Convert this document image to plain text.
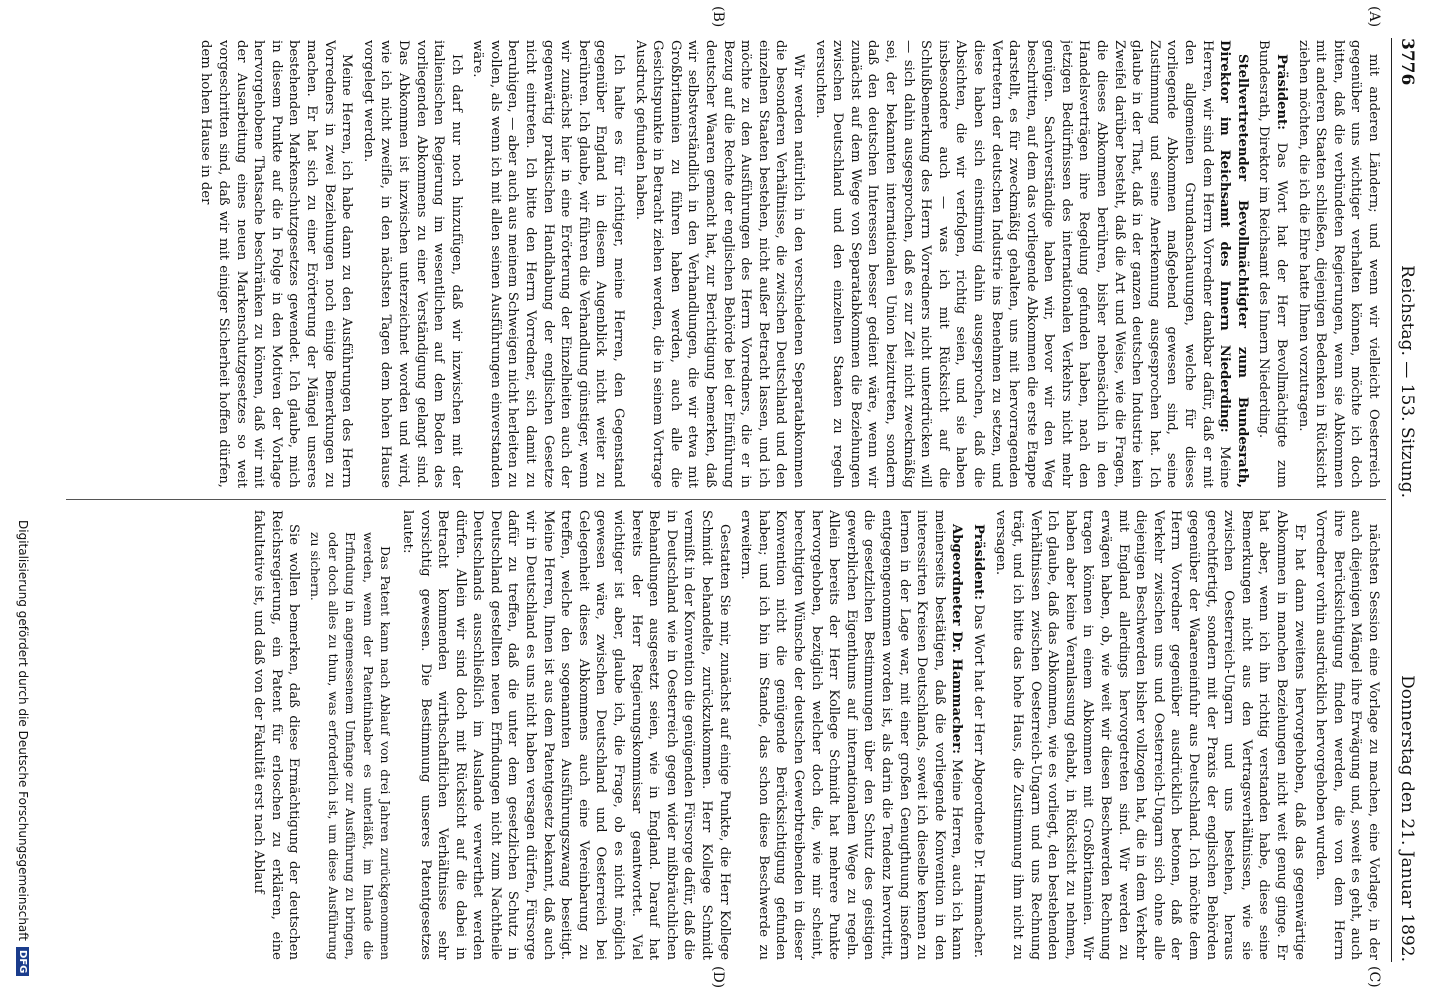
3776
Reichstag. — 153. Sitzung.
Donnerstag den 21. Januar 1892.
(A)
(B)
(C)
(D)

mit anderen Ländern; und wenn wir vielleicht Oesterreich gegenüber uns wichtiger verhalten können, möchte ich doch bitten, daß die verbündeten Regierungen, wenn sie Abkommen mit anderen Staaten schließen, diejenigen Bedenken in Rücksicht ziehen möchten, die ich die Ehre hatte Ihnen vorzutragen.

Präsident: Das Wort hat der Herr Bevollmächtigte zum Bundesrath, Direktor im Reichsamt des Innern Niederding.

Stellvertretender Bevollmächtigter zum Bundesrath, Direktor im Reichsamt des Innern Niederding: Meine Herren, wir sind dem Herrn Vorredner dankbar dafür, daß er mit den allgemeinen Grundanschauungen, welche für dieses vorliegende Abkommen maßgebend gewesen sind, seine Zustimmung und seine Anerkennung ausgesprochen hat. Ich glaube in der That, daß in der ganzen deutschen Industrie kein Zweifel darüber besteht, daß die Art und Weise, wie die Fragen, die dieses Abkommen berühren, bisher nebensächlich in den Handelsverträgen ihre Regelung gefunden haben, nach den jetzigen Bedürfnissen des internationalen Verkehrs nicht mehr genügen. Sachverständige haben wir, bevor wir den Weg beschritten, auf dem das vorliegende Abkommen die erste Etappe darstellt, es für zweckmäßig gehalten, uns mit hervorragenden Vertretern der deutschen Industrie ins Benehmen zu setzen, und diese haben sich einstimmig dahin ausgesprochen, daß die Absichten, die wir verfolgen, richtig seien, und sie haben insbesondere auch — was ich mit Rücksicht auf die Schlußbemerkung des Herrn Vorredners nicht unterdrücken will — sich dahin ausgesprochen, daß es zur Zeit nicht zweckmäßig sei, der bekannten internationalen Union beizutreten, sondern daß den deutschen Interessen besser gedient wäre, wenn wir zunächst auf dem Wege von Separatabkommen die Beziehungen zwischen Deutschland und den einzelnen Staaten zu regeln versuchten.

Wir werden natürlich in den verschiedenen Separatabkommen die besonderen Verhältnisse, die zwischen Deutschland und den einzelnen Staaten bestehen, nicht außer Betracht lassen, und ich möchte zu den Ausführungen des Herrn Vorredners, die er in Bezug auf die Rechte der englischen Behörde bei der Einführung deutscher Waaren gemacht hat, zur Berichtigung bemerken, daß wir selbstverständlich in den Verhandlungen, die wir etwa mit Großbritannien zu führen haben werden, auch alle die Gesichtspunkte in Betracht ziehen werden, die in seinem Vortrage Ausdruck gefunden haben.

Ich halte es für richtiger, meine Herren, den Gegenstand gegenüber England in diesem Augenblick nicht weiter zu berühren. Ich glaube, wir führen die Verhandlung günstiger, wenn wir zunächst hier in eine Erörterung der Einzelheiten auch der gegenwärtig praktischen Handhabung der englischen Gesetze nicht eintreten. Ich bitte den Herrn Vorredner, sich damit zu beruhigen, — aber auch aus meinem Schweigen nicht herleiten zu wollen, als wenn ich mit allen seinen Ausführungen einverstanden wäre.

Ich darf nur noch hinzufügen, daß wir inzwischen mit der italienischen Regierung im wesentlichen auf dem Boden des vorliegenden Abkommens zu einer Verständigung gelangt sind. Das Abkommen ist inzwischen unterzeichnet worden und wird, wie ich nicht zweifle, in den nächsten Tagen dem hohen Hause vorgelegt werden.

Meine Herren, ich habe dann zu den Ausführungen des Herrn Vorredners in zwei Beziehungen noch einige Bemerkungen zu machen. Er hat sich zu einer Erörterung der Mängel unseres bestehenden Markenschutzgesetzes gewendet. Ich glaube, mich in diesem Punkte auf die In Folge in den Motiven der Vorlage hervorgehobene Thatsache beschränken zu können, daß wir mit der Ausarbeitung eines neuen Markenschutzgesetzes so weit vorgeschritten sind, daß wir mit einiger Sicherheit hoffen dürfen, dem hohen Hause in der

nächsten Session eine Vorlage zu machen, eine Vorlage, in der auch diejenigen Mängel ihre Erwägung und, soweit es geht, auch ihre Berücksichtigung finden werden, die von dem Herrn Vorredner vorhin ausdrücklich hervorgehoben wurden.

Er hat dann zweitens hervorgehoben, daß das gegenwärtige Abkommen in manchen Beziehungen nicht weit genug ginge. Er hat aber, wenn ich ihn richtig verstanden habe, diese seine Bemerkungen nicht aus den Vertragsverhältnissen, wie sie zwischen Oesterreich-Ungarn und uns bestehen, heraus gerechtfertigt, sondern mit der Praxis der englischen Behörden gegenüber der Waareneinfuhr aus Deutschland. Ich möchte dem Herrn Vorredner gegenüber ausdrücklich betonen, daß der Verkehr zwischen uns und Oesterreich-Ungarn sich ohne alle diejenigen Beschwerden bisher vollzogen hat, die in dem Verkehr mit England allerdings hervorgetreten sind. Wir werden zu erwägen haben, ob, wie weit wir diesen Beschwerden Rechnung tragen können in einem Abkommen mit Großbritannien. Wir haben aber keine Veranlassung gehabt, in Rücksicht zu nehmen, Ich glaube, daß das Abkommen, wie es vorliegt, den bestehenden Verhältnissen zwischen Oesterreich-Ungarn und uns Rechnung trägt, und ich bitte das hohe Haus, die Zustimmung ihm nicht zu versagen.

Präsident: Das Wort hat der Herr Abgeordnete Dr. Hammacher.

Abgeordneter Dr. Hammacher: Meine Herren, auch ich kann meinerseits bestätigen, daß die vorliegende Konvention in den interessirten Kreisen Deutschlands, soweit ich dieselbe kennen zu lernen in der Lage war, mit einer großen Genugthuung insofern entgegengenommen worden ist, als darin die Tendenz hervortritt, die gesetzlichen Bestimmungen über den Schutz des geistigen gewerblichen Eigenthums auf internationalem Wege zu regeln. Allein bereits der Herr Kollege Schmidt hat mehrere Punkte hervorgehoben, bezüglich welcher doch die, wie mir scheint, berechtigten Wünsche der deutschen Gewerbtreibenden in dieser Konvention nicht die genügende Berücksichtigung gefunden haben; und ich bin im Stande, das schon diese Beschwerde zu erweitern.

Gestatten Sie mir, zunächst auf einige Punkte, die Herr Kollege Schmidt behandelte, zurückzukommen. Herr Kollege Schmidt vermißt in der Konvention die genügenden Fürsorge dafür, daß die in Deutschland wie in Oesterreich gegen wider mißbräuchlichen Behandlungen ausgesetzt seien, wie in England. Darauf hat bereits der Herr Regierungskommissar geantwortet. Viel wichtiger ist aber, glaube ich, die Frage, ob es nicht möglich gewesen wäre, zwischen Deutschland und Oesterreich bei Gelegenheit dieses Abkommens auch eine Vereinbarung zu treffen, welche den sogenannten Ausführungszwang beseitigt. Meine Herren, Ihnen ist aus dem Patentgesetz bekannt, daß auch wir in Deutschland es uns nicht haben versagen dürfen, Fürsorge dafür zu treffen, daß die unter dem gesetzlichen Schutz in Deutschland gestellten neuen Erfindungen nicht zum Nachtheile Deutschlands ausschließlich im Auslande verwerthet werden dürfen. Allein wir sind doch mit Rücksicht auf die dabei in Betracht kommenden wirthschaftlichen Verhältnisse sehr vorsichtig gewesen. Die Bestimmung unseres Patentgesetzes lautet:

Das Patent kann nach Ablauf von drei Jahren zurückgenommen werden, wenn der Patentinhaber es unterläßt, im Inlande die Erfindung in angemessenem Umfange zur Ausführung zu bringen, oder doch alles zu thun, was erforderlich ist, um diese Ausführung zu sichern.

Sie wollen bemerken, daß diese Ermächtigung der deutschen Reichsregierung, ein Patent für erloschen zu erklären, eine fakultative ist, und daß von der Fakultät erst nach Ablauf

Digitalisierung gefördert durch die Deutsche Forschungsgemeinschaft
DFG
